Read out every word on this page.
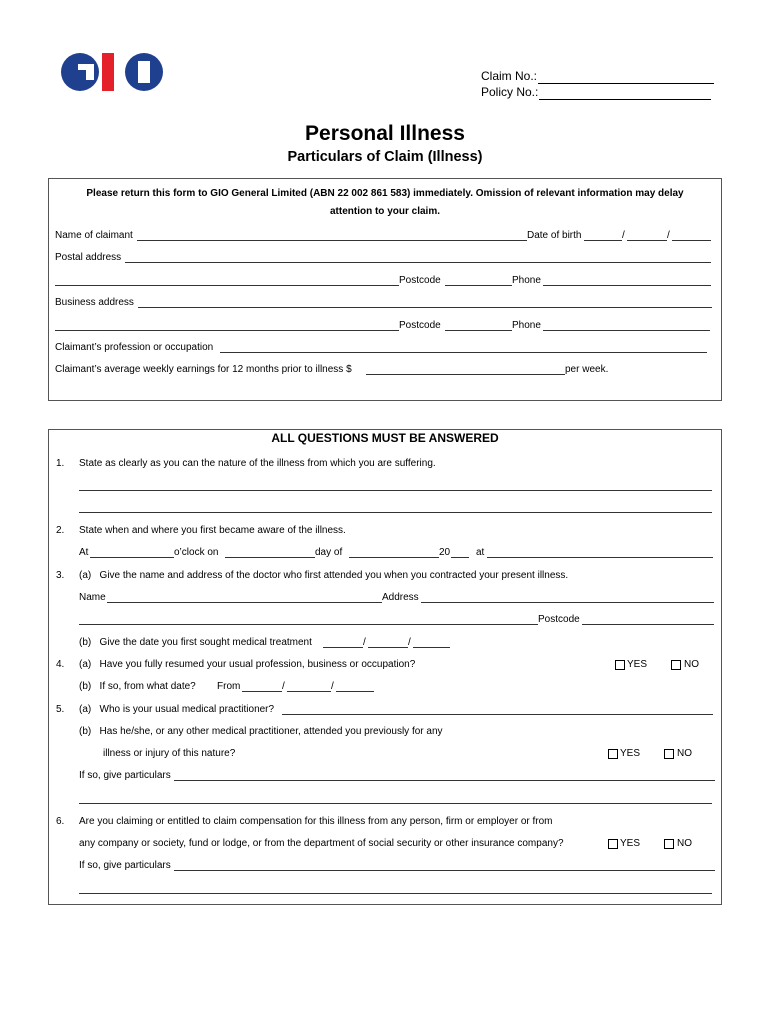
Claim No.:
Policy No.:
Personal Illness
Particulars of Claim (Illness)
Please return this form to GIO General Limited (ABN 22 002 861 583) immediately. Omission of relevant information may delay
attention to your claim.
Name of claimant	Date of birth	/	/
Postal address
Postcode	Phone
Business address
Postcode	Phone
Claimant’s profession or occupation
Claimant’s average weekly earnings for 12 months prior to illness $	per week.
ALL QUESTIONS MUST BE ANSWERED
1. State as clearly as you can the nature of the illness from which you are suffering.
2. State when and where you first became aware of the illness.
At	o’clock on	day of	20	at
3. (a)   Give the name and address of the doctor who first attended you when you contracted your present illness.
Name	Address
Postcode
(b)   Give the date you first sought medical treatment	/	/
4. (a)   Have you fully resumed your usual profession, business or occupation?	YES	NO
(b)   If so, from what date? From	/	/
5. (a)   Who is your usual medical practitioner?
(b)   Has he/she, or any other medical practitioner, attended you previously for any
illness or injury of this nature?	YES	NO
If so, give particulars
6. Are you claiming or entitled to claim compensation for this illness from any person, firm or employer or from
any company or society, fund or lodge, or from the department of social security or other insurance company?	YES	NO
If so, give particulars
